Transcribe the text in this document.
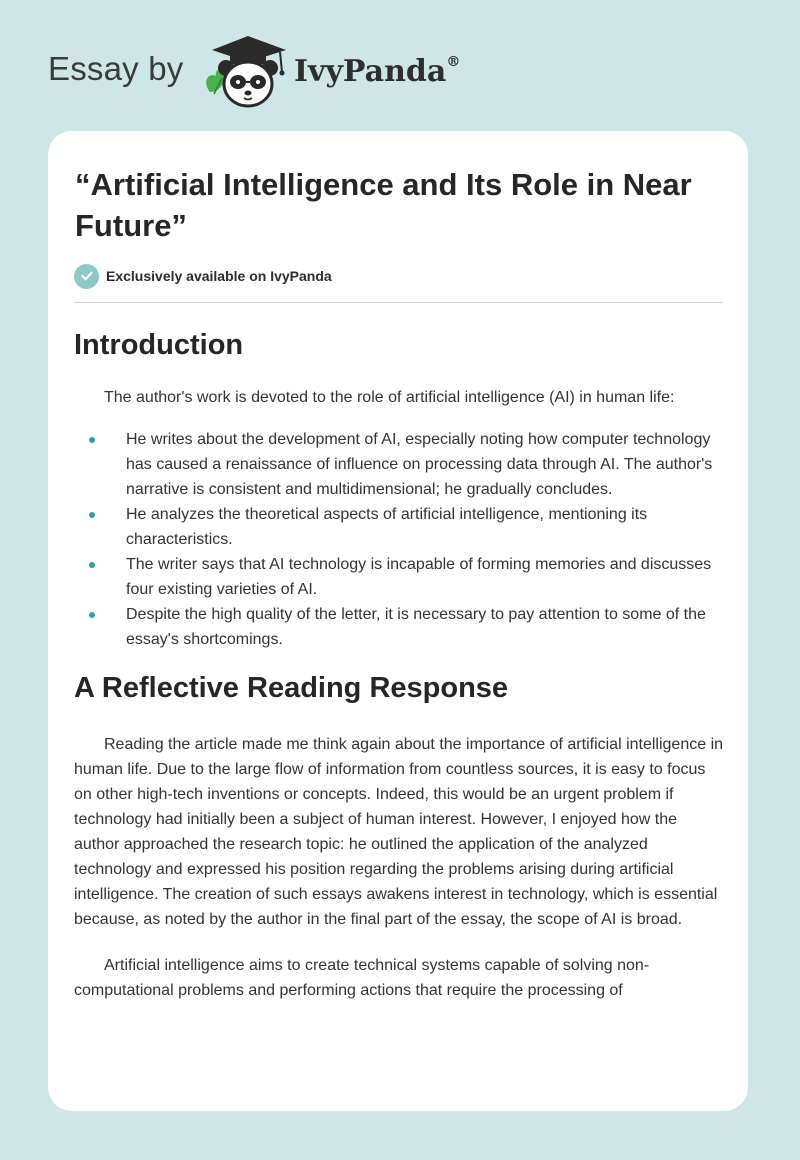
Essay by	IvyPanda®
“Artificial Intelligence and Its Role in Near Future”
Exclusively available on IvyPanda
Introduction

The author's work is devoted to the role of artificial intelligence (AI) in human life:

He writes about the development of AI, especially noting how computer technology has caused a renaissance of influence on processing data through AI. The author's narrative is consistent and multidimensional; he gradually concludes.
He analyzes the theoretical aspects of artificial intelligence, mentioning its characteristics.
The writer says that AI technology is incapable of forming memories and discusses four existing varieties of AI.
Despite the high quality of the letter, it is necessary to pay attention to some of the essay's shortcomings.
A Reflective Reading Response

Reading the article made me think again about the importance of artificial intelligence in human life. Due to the large flow of information from countless sources, it is easy to focus on other high-tech inventions or concepts. Indeed, this would be an urgent problem if technology had initially been a subject of human interest. However, I enjoyed how the author approached the research topic: he outlined the application of the analyzed technology and expressed his position regarding the problems arising during artificial intelligence. The creation of such essays awakens interest in technology, which is essential because, as noted by the author in the final part of the essay, the scope of AI is broad.

Artificial intelligence aims to create technical systems capable of solving non-computational problems and performing actions that require the processing of
